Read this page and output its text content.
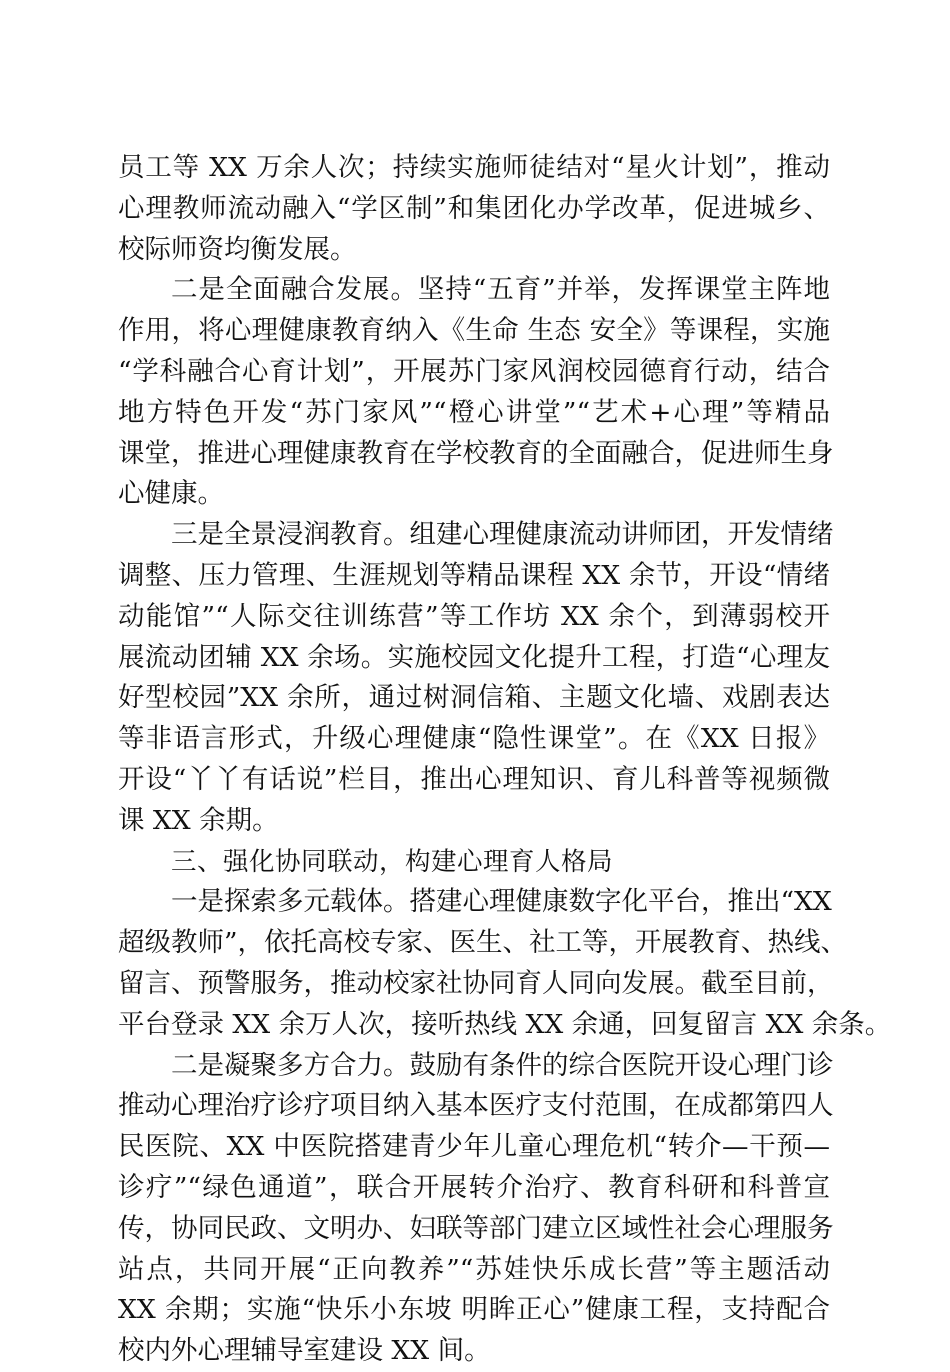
员工等 XX 万余人次；持续实施师徒结对“星火计划”，推动
心理教师流动融入“学区制”和集团化办学改革，促进城乡、
校际师资均衡发展。
二是全面融合发展。坚持“五育”并举，发挥课堂主阵地
作用，将心理健康教育纳入《生命 生态 安全》等课程，实施
“学科融合心育计划”，开展苏门家风润校园德育行动，结合
地方特色开发“苏门家风”“橙心讲堂”“艺术+心理”等精品
课堂，推进心理健康教育在学校教育的全面融合，促进师生身
心健康。
三是全景浸润教育。组建心理健康流动讲师团，开发情绪
调整、压力管理、生涯规划等精品课程 XX 余节，开设“情绪
动能馆”“人际交往训练营”等工作坊 XX 余个，到薄弱校开
展流动团辅 XX 余场。实施校园文化提升工程，打造“心理友
好型校园”XX 余所，通过树洞信箱、主题文化墙、戏剧表达
等非语言形式，升级心理健康“隐性课堂”。在《XX 日报》
开设“丫丫有话说”栏目，推出心理知识、育儿科普等视频微
课 XX 余期。
三、强化协同联动，构建心理育人格局
一是探索多元载体。搭建心理健康数字化平台，推出“XX
超级教师”，依托高校专家、医生、社工等，开展教育、热线、
留言、预警服务，推动校家社协同育人同向发展。截至目前，
平台登录 XX 余万人次，接听热线 XX 余通，回复留言 XX 余条。
二是凝聚多方合力。鼓励有条件的综合医院开设心理门诊
推动心理治疗诊疗项目纳入基本医疗支付范围，在成都第四人
民医院、XX 中医院搭建青少年儿童心理危机“转介—干预—
诊疗”“绿色通道”，联合开展转介治疗、教育科研和科普宣
传，协同民政、文明办、妇联等部门建立区域性社会心理服务
站点，共同开展“正向教养”“苏娃快乐成长营”等主题活动
XX 余期；实施“快乐小东坡 明眸正心”健康工程，支持配合
校内外心理辅导室建设 XX 间。
